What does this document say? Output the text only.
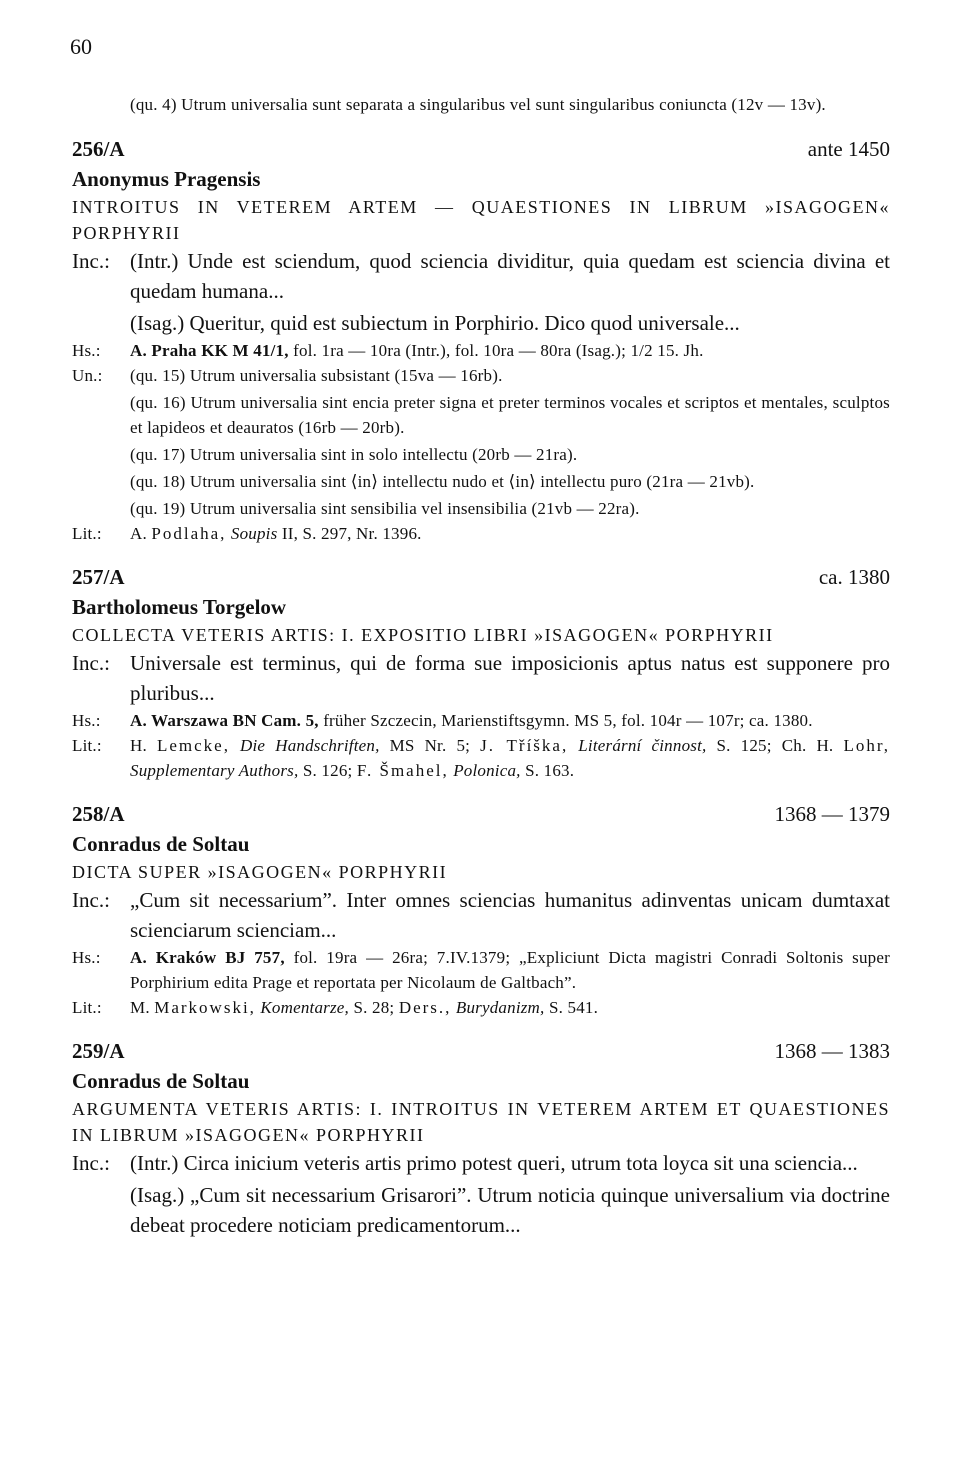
60
(qu. 4) Utrum universalia sunt separata a singularibus vel sunt singularibus coniuncta (12v — 13v).
256/A	ante 1450
Anonymus Pragensis
INTROITUS IN VETEREM ARTEM — QUAESTIONES IN LIBRUM »ISAGOGEN« PORPHYRII
Inc.: (Intr.) Unde est sciendum, quod sciencia dividitur, quia quedam est sciencia divina et quedam humana...
(Isag.) Queritur, quid est subiectum in Porphirio. Dico quod universale...
Hs.:	A. Praha KK M 41/1, fol. 1ra — 10ra (Intr.), fol. 10ra — 80ra (Isag.); 1/2 15. Jh.
Un.:	(qu. 15) Utrum universalia subsistant (15va — 16rb).
(qu. 16) Utrum universalia sint encia preter signa et preter terminos vocales et scriptos et mentales, sculptos et lapideos et deauratos (16rb — 20rb).
(qu. 17) Utrum universalia sint in solo intellectu (20rb — 21ra).
(qu. 18) Utrum universalia sint ⟨in⟩ intellectu nudo et ⟨in⟩ intellectu puro (21ra — 21vb).
(qu. 19) Utrum universalia sint sensibilia vel insensibilia (21vb — 22ra).
Lit.:	A. Podlaha, Soupis II, S. 297, Nr. 1396.
257/A	ca. 1380
Bartholomeus Torgelow
COLLECTA VETERIS ARTIS: I. EXPOSITIO LIBRI »ISAGOGEN« PORPHYRII
Inc.: Universale est terminus, qui de forma sue imposicionis aptus natus est supponere pro pluribus...
Hs.:	A. Warszawa BN Cam. 5, früher Szczecin, Marienstiftsgymn. MS 5, fol. 104r — 107r; ca. 1380.
Lit.:	H. Lemcke, Die Handschriften, MS Nr. 5; J. Tříška, Literární činnost, S. 125; Ch. H. Lohr, Supplementary Authors, S. 126; F. Šmahel, Polonica, S. 163.
258/A	1368 — 1379
Conradus de Soltau
DICTA SUPER »ISAGOGEN« PORPHYRII
Inc.: „Cum sit necessarium”. Inter omnes sciencias humanitus adinventas unicam dumtaxat scienciarum scienciam...
Hs.:	A. Kraków BJ 757, fol. 19ra — 26ra; 7.IV.1379; „Expliciunt Dicta magistri Conradi Soltonis super Porphirium edita Prage et reportata per Nicolaum de Galtbach”.
Lit.:	M. Markowski, Komentarze, S. 28; Ders., Burydanizm, S. 541.
259/A	1368 — 1383
Conradus de Soltau
ARGUMENTA VETERIS ARTIS: I. INTROITUS IN VETEREM ARTEM ET QUAESTIONES IN LIBRUM »ISAGOGEN« PORPHYRII
Inc.: (Intr.) Circa inicium veteris artis primo potest queri, utrum tota loyca sit una sciencia...
(Isag.) „Cum sit necessarium Grisarori”. Utrum noticia quinque universalium via doctrine debeat procedere noticiam predicamentorum...
